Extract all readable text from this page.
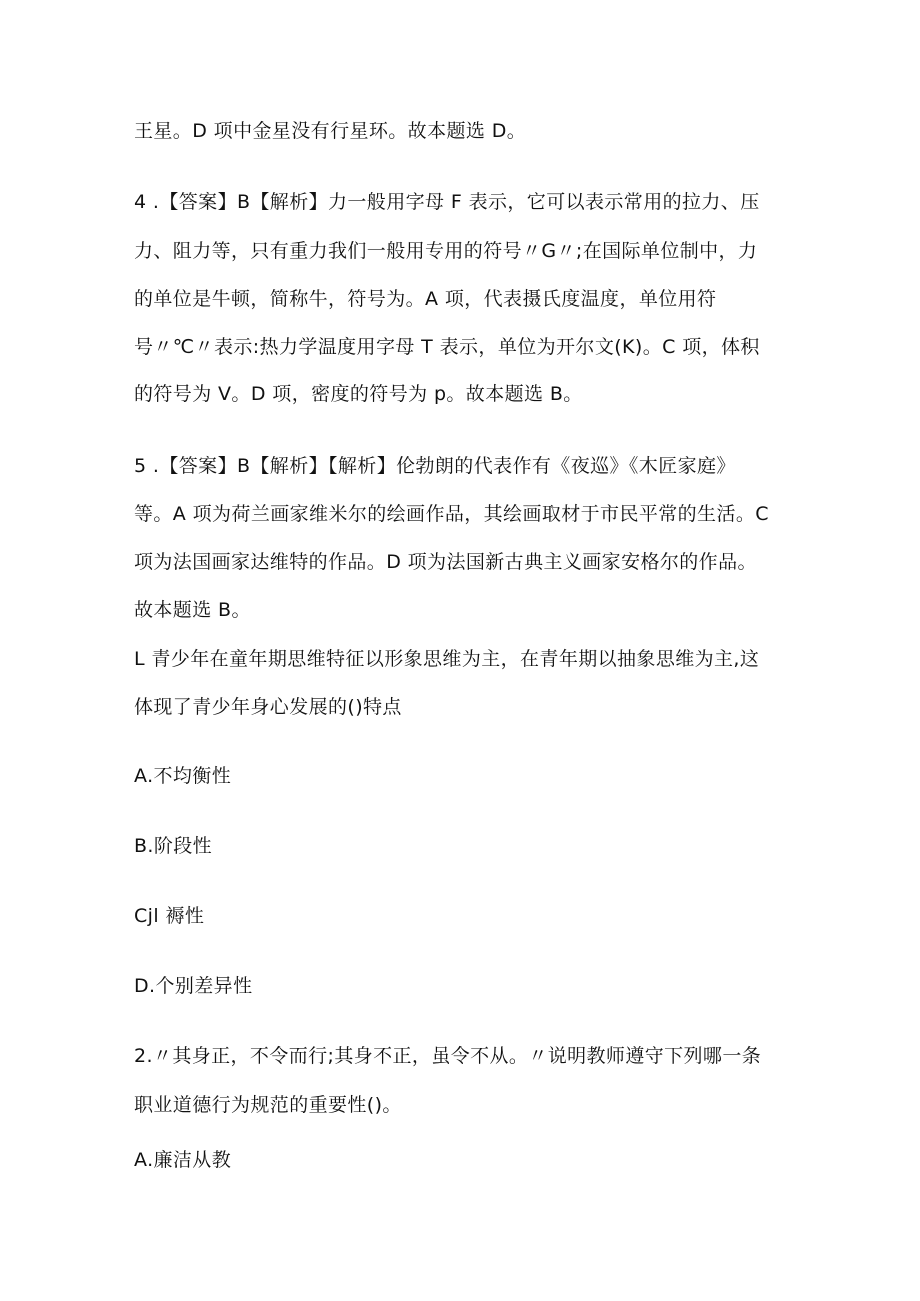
王星。D 项中金星没有行星环。故本题选 D。
4 .【答案】B【解析】力一般用字母 F 表示，它可以表示常用的拉力、压
力、阻力等，只有重力我们一般用专用的符号〃G〃;在国际单位制中，力
的单位是牛顿，简称牛，符号为。A 项，代表摄氏度温度，单位用符
号〃℃〃表示:热力学温度用字母 T 表示，单位为开尔文(K)。C 项，体积
的符号为 V。D 项，密度的符号为 p。故本题选 B。
5 .【答案】B【解析】【解析】伦勃朗的代表作有《夜巡》《木匠家庭》
等。A 项为荷兰画家维米尔的绘画作品，其绘画取材于市民平常的生活。C
项为法国画家达维特的作品。D 项为法国新古典主义画家安格尔的作品。
故本题选 B。
L 青少年在童年期思维特征以形象思维为主，在青年期以抽象思维为主,这
体现了青少年身心发展的()特点
A.不均衡性
B.阶段性
Cjl 褥性
D.个别差异性
2.〃其身正，不令而行;其身不正，虽令不从。〃说明教师遵守下列哪一条
职业道德行为规范的重要性()。
A.廉洁从教
